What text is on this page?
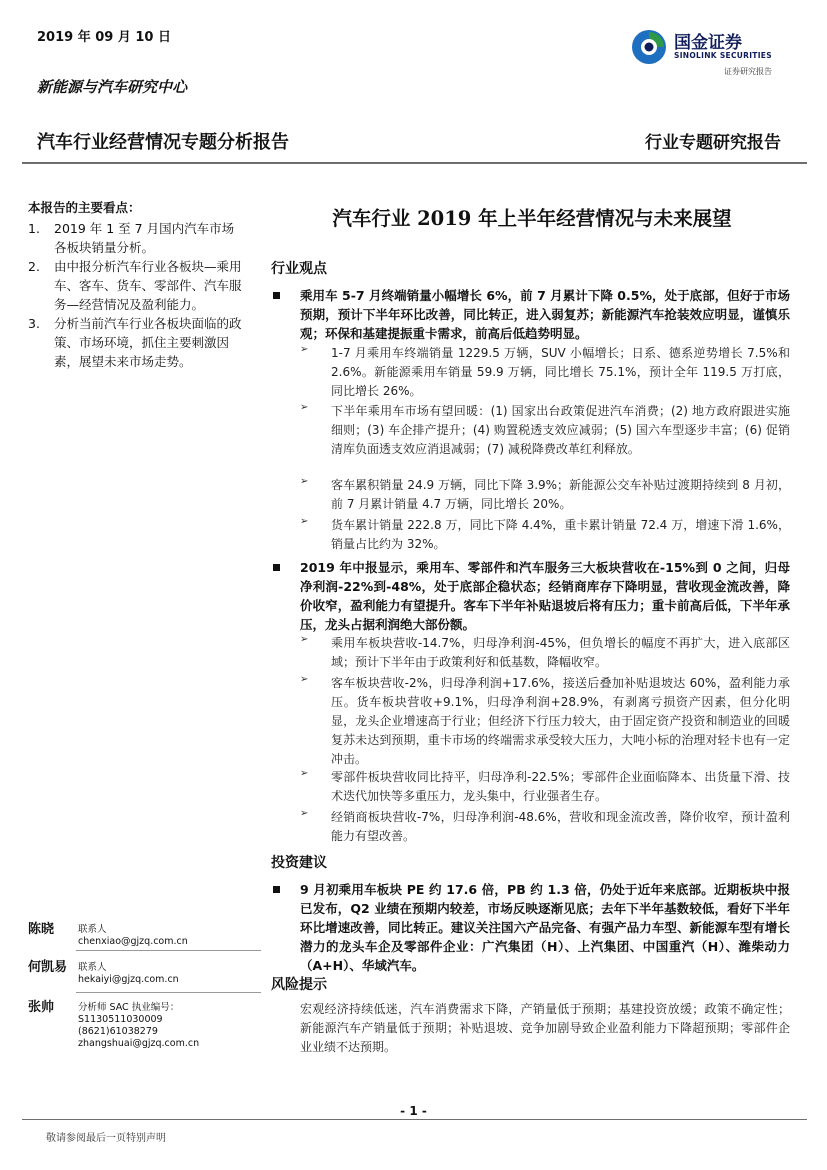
2019 年 09 月 10 日
新能源与汽车研究中心
汽车行业经营情况专题分析报告	行业专题研究报告
国金证券
SINOLINK SECURITIES
证券研究报告
本报告的主要看点：
1.	2019 年 1 至 7 月国内汽车市场各板块销量分析。
2.	由中报分析汽车行业各板块—乘用车、客车、货车、零部件、汽车服务—经营情况及盈利能力。
3.	分析当前汽车行业各板块面临的政策、市场环境，抓住主要刺激因素，展望未来市场走势。
陈晓	联系人
chenxiao@gjzq.com.cn
何凯易 联系人
hekaiyi@gjzq.com.cn
张帅	分析师 SAC 执业编号：S1130511030009
(8621)61038279
zhangshuai@gjzq.com.cn
汽车行业 2019 年上半年经营情况与未来展望
行业观点
乘用车 5-7 月终端销量小幅增长 6%，前 7 月累计下降 0.5%，处于底部，但好于市场预期，预计下半年环比改善，同比转正，进入弱复苏；新能源汽车抢装效应明显，谨慎乐观；环保和基建提振重卡需求，前高后低趋势明显。
➢ 1-7 月乘用车终端销量 1229.5 万辆，SUV 小幅增长；日系、德系逆势增长 7.5%和 2.6%。新能源乘用车销量 59.9 万辆，同比增长 75.1%，预计全年 119.5 万打底，同比增长 26%。
➢ 下半年乘用车市场有望回暖：(1) 国家出台政策促进汽车消费；(2) 地方政府跟进实施细则；(3) 车企排产提升；(4) 购置税透支效应减弱；(5) 国六车型逐步丰富；(6) 促销清库负面透支效应消退减弱；(7) 减税降费改革红利释放。
➢ 客车累积销量 24.9 万辆，同比下降 3.9%；新能源公交车补贴过渡期持续到 8 月初，前 7 月累计销量 4.7 万辆，同比增长 20%。
➢ 货车累计销量 222.8 万，同比下降 4.4%，重卡累计销量 72.4 万，增速下滑 1.6%，销量占比约为 32%。
2019 年中报显示，乘用车、零部件和汽车服务三大板块营收在-15%到 0 之间，归母净利润-22%到-48%，处于底部企稳状态；经销商库存下降明显，营收现金流改善，降价收窄，盈利能力有望提升。客车下半年补贴退坡后将有压力；重卡前高后低，下半年承压，龙头占据利润绝大部份额。
➢ 乘用车板块营收-14.7%，归母净利润-45%，但负增长的幅度不再扩大，进入底部区域；预计下半年由于政策利好和低基数，降幅收窄。
➢ 客车板块营收-2%，归母净利润+17.6%，接送后叠加补贴退坡达 60%，盈利能力承压。货车板块营收+9.1%，归母净利润+28.9%，有剥离亏损资产因素，但分化明显，龙头企业增速高于行业；但经济下行压力较大，由于固定资产投资和制造业的回暖复苏未达到预期，重卡市场的终端需求承受较大压力，大吨小标的治理对轻卡也有一定冲击。
➢ 零部件板块营收同比持平，归母净利-22.5%；零部件企业面临降本、出货量下滑、技术迭代加快等多重压力，龙头集中，行业强者生存。
➢ 经销商板块营收-7%，归母净利润-48.6%，营收和现金流改善，降价收窄，预计盈利能力有望改善。
投资建议
9 月初乘用车板块 PE 约 17.6 倍，PB 约 1.3 倍，仍处于近年来底部。近期板块中报已发布，Q2 业绩在预期内较差，市场反映逐渐见底；去年下半年基数较低，看好下半年环比增速改善，同比转正。建议关注国六产品完备、有强产品力车型、新能源车型有增长潜力的龙头车企及零部件企业：广汽集团（H）、上汽集团、中国重汽（H）、潍柴动力（A+H）、华域汽车。
风险提示
宏观经济持续低迷，汽车消费需求下降，产销量低于预期；基建投资放缓；政策不确定性；新能源汽车产销量低于预期；补贴退坡、竞争加剧导致企业盈利能力下降超预期；零部件企业业绩不达预期。
- 1 -
敬请参阅最后一页特别声明
